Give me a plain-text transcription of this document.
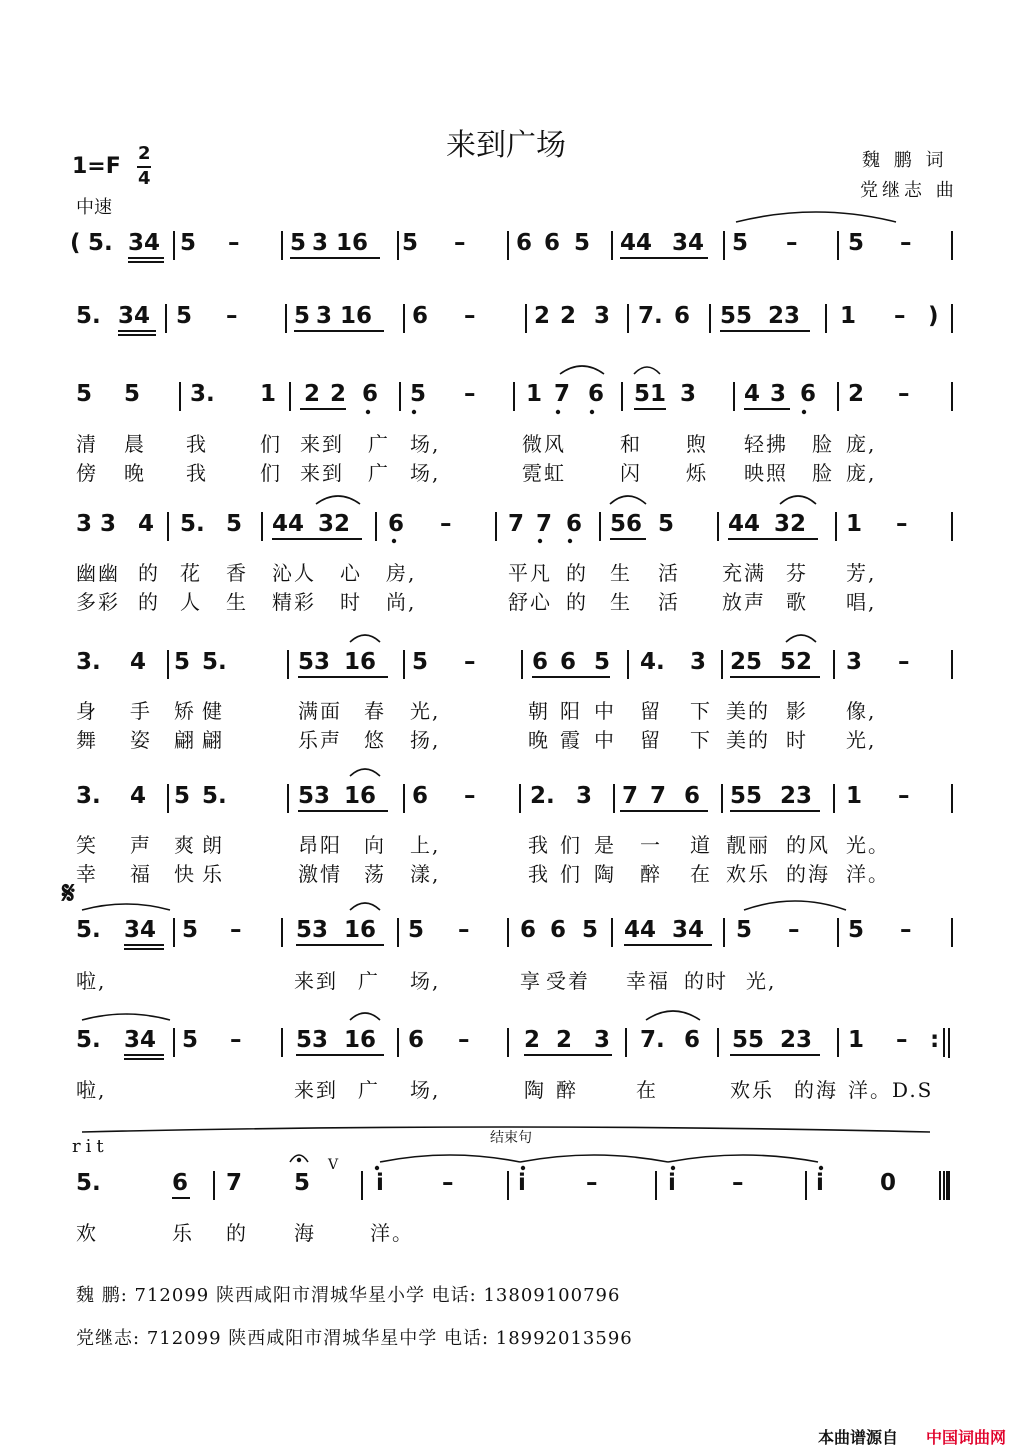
来到广场	魏 鹏 词
党继志 曲
1=F
2
4
中速
( 5. 34 5 – 5 3 16 5 – 6 6 5 44 34 5 – 5 –
5. 34 5 – 5 3 16 6 –	2 2 3 7. 6 55 23 1 – )
5 5 3. 1 2 2 6 5 – 1 7 6 51 3 4 3 6 2 –
3 3 4 5. 5 44 32 6 – 7 7 6 56 5 44 32 1 –
3. 4 5 5.	53 16 5 – 6 6 5 4. 3 25 52 3 –
3. 4 5 5.	53 16 6 – 2. 3 7 7 6 55 23 1 –
5. 34 5 – 53 16 5 – 6 6 5 44 34 5 – 5 –
5. 34 5 – 53 16 6 – 2 2 3 7. 6 55 23 1 – :
5.	6 7 5	i	–	i	–	i –	i 0
清 晨 我	们 来到 广 场,	微风	和 煦 轻拂 脸 庞,
傍 晚 我	们 来到 广 场,	霓虹	闪 烁 映照 脸 庞,
幽幽 的 花 香 沁人 心 房,	平凡 的 生 活 充满 芬 芳,
多彩 的 人 生 精彩 时 尚,	舒心 的 生 活 放声 歌 唱,
身 手 矫 健	满面 春 光,	朝 阳 中 留 下 美的 影 像,
舞 姿 翩 翩	乐声 悠 扬,	晚 霞 中 留 下 美的 时 光,
笑 声 爽 朗	昂阳 向 上,	我 们 是 一 道 靓丽 的风 光。
幸 福 快 乐	激情 荡 漾,	我 们 陶 醉 在 欢乐 的海 洋。
啦,	来到 广 场,	享 受着 幸福 的时 光,
啦,	来到 广 场,	陶 醉	在	欢乐 的海 洋。D.S
欢	乐 的 海	洋。
𝄋
rit	结束句
V
魏 鹏: 712099 陕西咸阳市渭城华星小学 电话: 13809100796
党继志: 712099 陕西咸阳市渭城华星中学 电话: 18992013596
本曲谱源自 中国词曲网
